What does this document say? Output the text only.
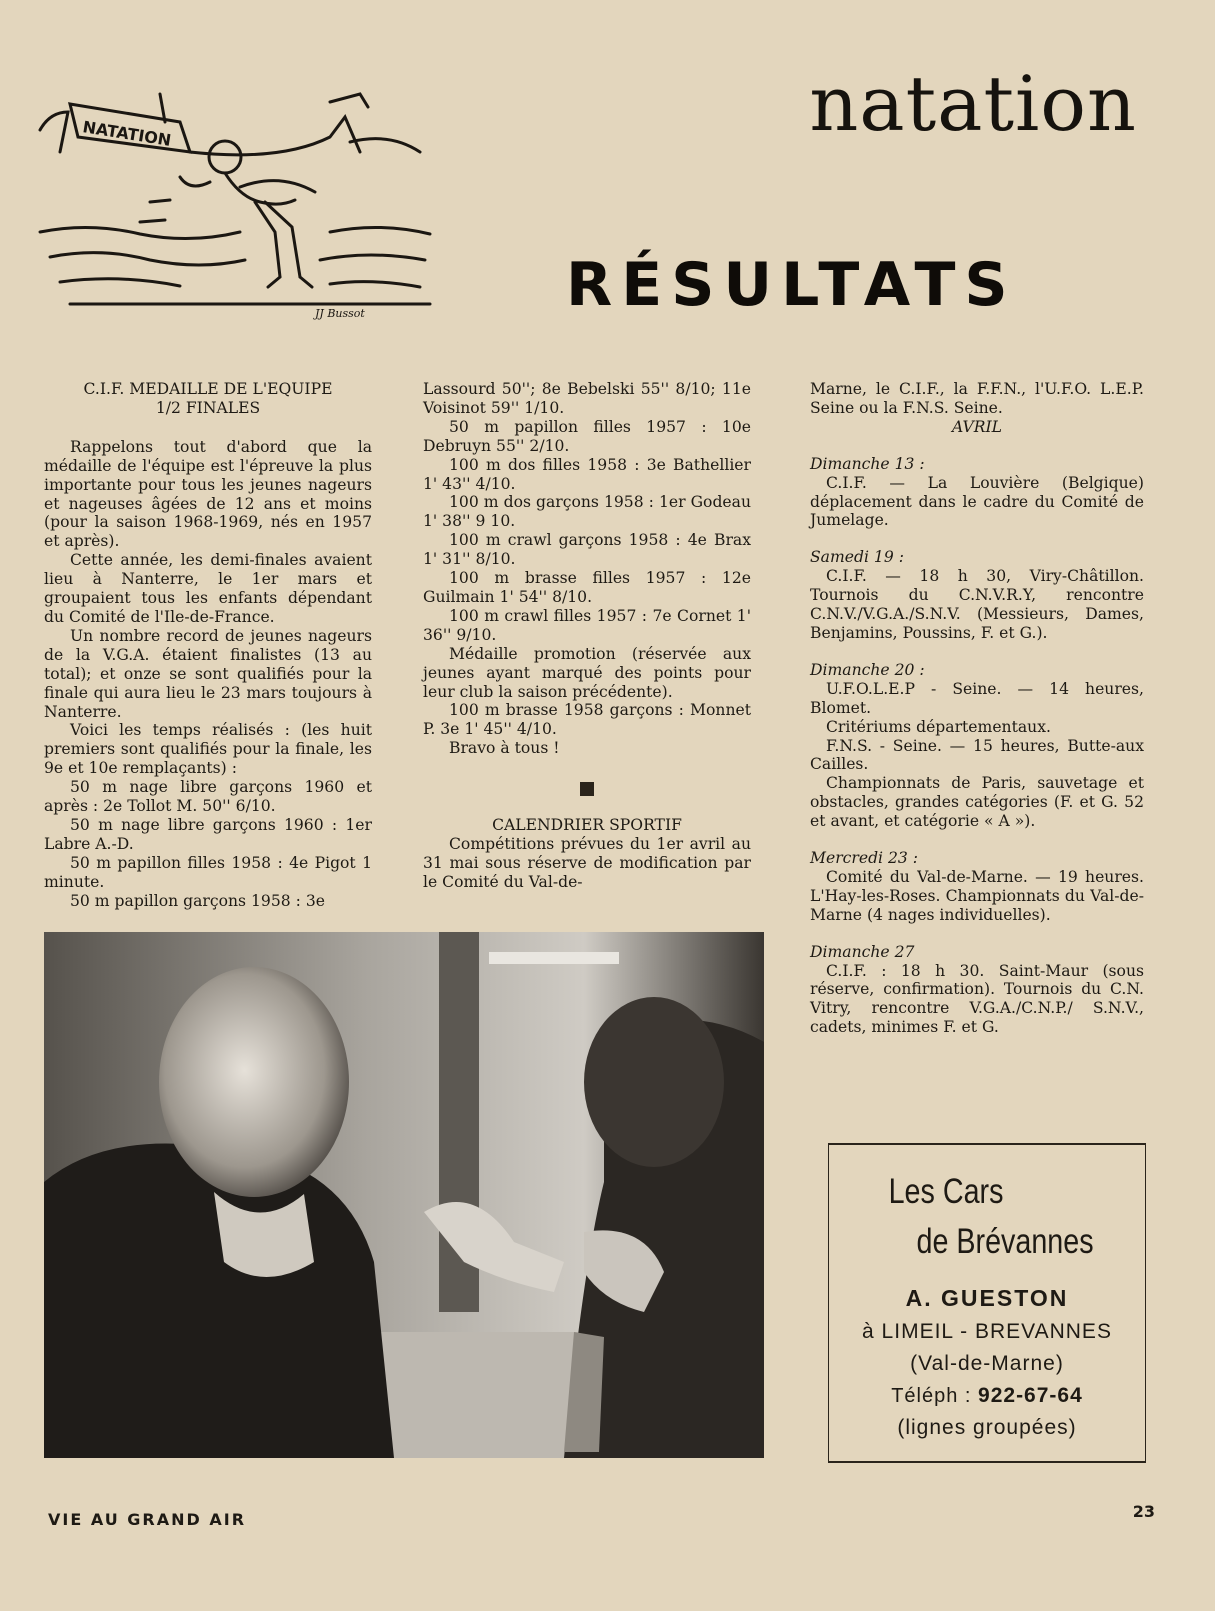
NATATION
JJ Bussot
natation
RÉSULTATS
C.I.F. MEDAILLE DE L'EQUIPE
1/2 FINALES

Rappelons tout d'abord que la médaille de l'équipe est l'épreuve la plus importante pour tous les jeunes nageurs et nageuses âgées de 12 ans et moins (pour la saison 1968-1969, nés en 1957 et après).

Cette année, les demi-finales avaient lieu à Nanterre, le 1er mars et groupaient tous les enfants dépendant du Comité de l'Ile-de-France.

Un nombre record de jeunes nageurs de la V.G.A. étaient finalistes (13 au total); et onze se sont qualifiés pour la finale qui aura lieu le 23 mars toujours à Nanterre.

Voici les temps réalisés : (les huit premiers sont qualifiés pour la finale, les 9e et 10e remplaçants) :

50 m nage libre garçons 1960 et après : 2e Tollot M. 50'' 6/10.

50 m nage libre garçons 1960 : 1er Labre A.-D.

50 m papillon filles 1958 : 4e Pigot 1 minute.

50 m papillon garçons 1958 : 3e

Lassourd 50''; 8e Bebelski 55'' 8/10; 11e Voisinot 59'' 1/10.

50 m papillon filles 1957 : 10e Debruyn 55'' 2/10.

100 m dos filles 1958 : 3e Bathellier 1' 43'' 4/10.

100 m dos garçons 1958 : 1er Godeau 1' 38'' 9 10.

100 m crawl garçons 1958 : 4e Brax 1' 31'' 8/10.

100 m brasse filles 1957 : 12e Guilmain 1' 54'' 8/10.

100 m crawl filles 1957 : 7e Cornet 1' 36'' 9/10.

Médaille promotion (réservée aux jeunes ayant marqué des points pour leur club la saison précédente).

100 m brasse 1958 garçons : Monnet P. 3e 1' 45'' 4/10.

Bravo à tous !

CALENDRIER SPORTIF

Compétitions prévues du 1er avril au 31 mai sous réserve de modification par le Comité du Val-de-

Marne, le C.I.F., la F.F.N., l'U.F.O. L.E.P. Seine ou la F.N.S. Seine.

AVRIL

Dimanche 13 :

C.I.F. — La Louvière (Belgique) déplacement dans le cadre du Comité de Jumelage.

Samedi 19 :

C.I.F. — 18 h 30, Viry-Châtillon. Tournois du C.N.V.R.Y, rencontre C.N.V./V.G.A./S.N.V. (Messieurs, Dames, Benjamins, Poussins, F. et G.).

Dimanche 20 :

U.F.O.L.E.P - Seine. — 14 heures, Blomet.

Critériums départementaux.

F.N.S. - Seine. — 15 heures, Butte-aux Cailles.

Championnats de Paris, sauvetage et obstacles, grandes catégories (F. et G. 52 et avant, et catégorie « A »).

Mercredi 23 :

Comité du Val-de-Marne. — 19 heures. L'Hay-les-Roses. Championnats du Val-de-Marne (4 nages individuelles).

Dimanche 27

C.I.F. : 18 h 30. Saint-Maur (sous réserve, confirmation). Tournois du C.N. Vitry, rencontre V.G.A./C.N.P./ S.N.V., cadets, minimes F. et G.

Les Cars
de Brévannes
A. GUESTON
à LIMEIL - BREVANNES
(Val-de-Marne)
Téléph : 922-67-64
(lignes groupées)
VIE AU GRAND AIR	23
